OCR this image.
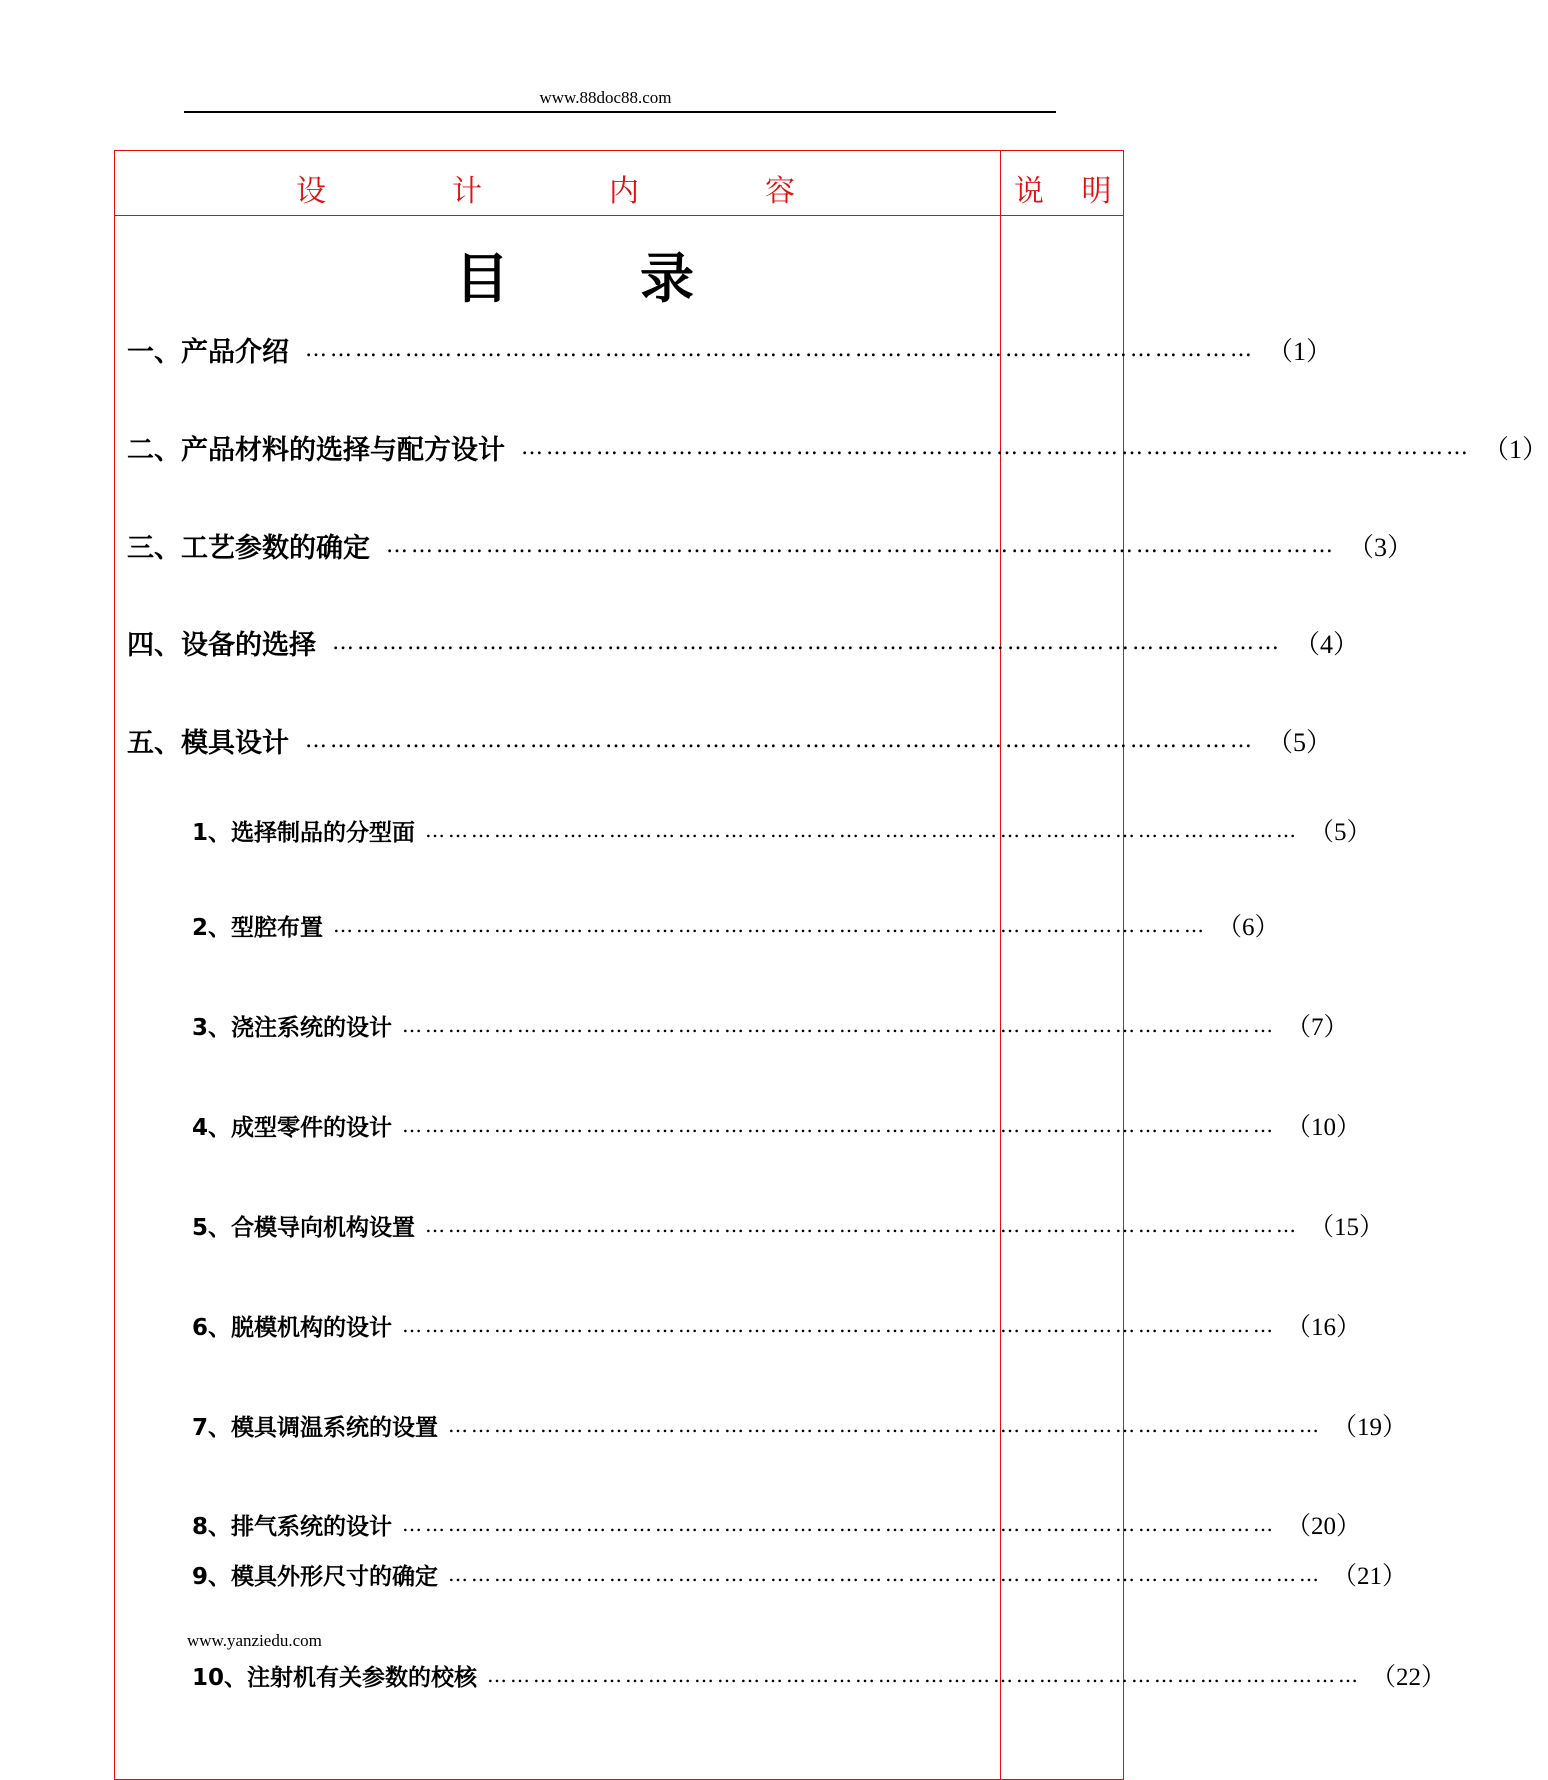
www.88doc88.com
设	计	内	容	说 明
目 录
一、产品介绍 …………………………………………………………………………………………………… （1）
二、产品材料的选择与配方设计 …………………………………………………………………………………………………… （1）
三、工艺参数的确定 …………………………………………………………………………………………………… （3）
四、设备的选择 …………………………………………………………………………………………………… （4）
五、模具设计 …………………………………………………………………………………………………… （5）
1、选择制品的分型面 …………………………………………………………………………………………………… （5）
2、型腔布置 …………………………………………………………………………………………………… （6）
3、浇注系统的设计 …………………………………………………………………………………………………… （7）
4、成型零件的设计 …………………………………………………………………………………………………… （10）
5、合模导向机构设置 …………………………………………………………………………………………………… （15）
6、脱模机构的设计 …………………………………………………………………………………………………… （16）
7、模具调温系统的设置 …………………………………………………………………………………………………… （19）
8、排气系统的设计 …………………………………………………………………………………………………… （20）
9、模具外形尺寸的确定 …………………………………………………………………………………………………… （21）
www.yanziedu.com
10、注射机有关参数的校核 …………………………………………………………………………………………………… （22）
